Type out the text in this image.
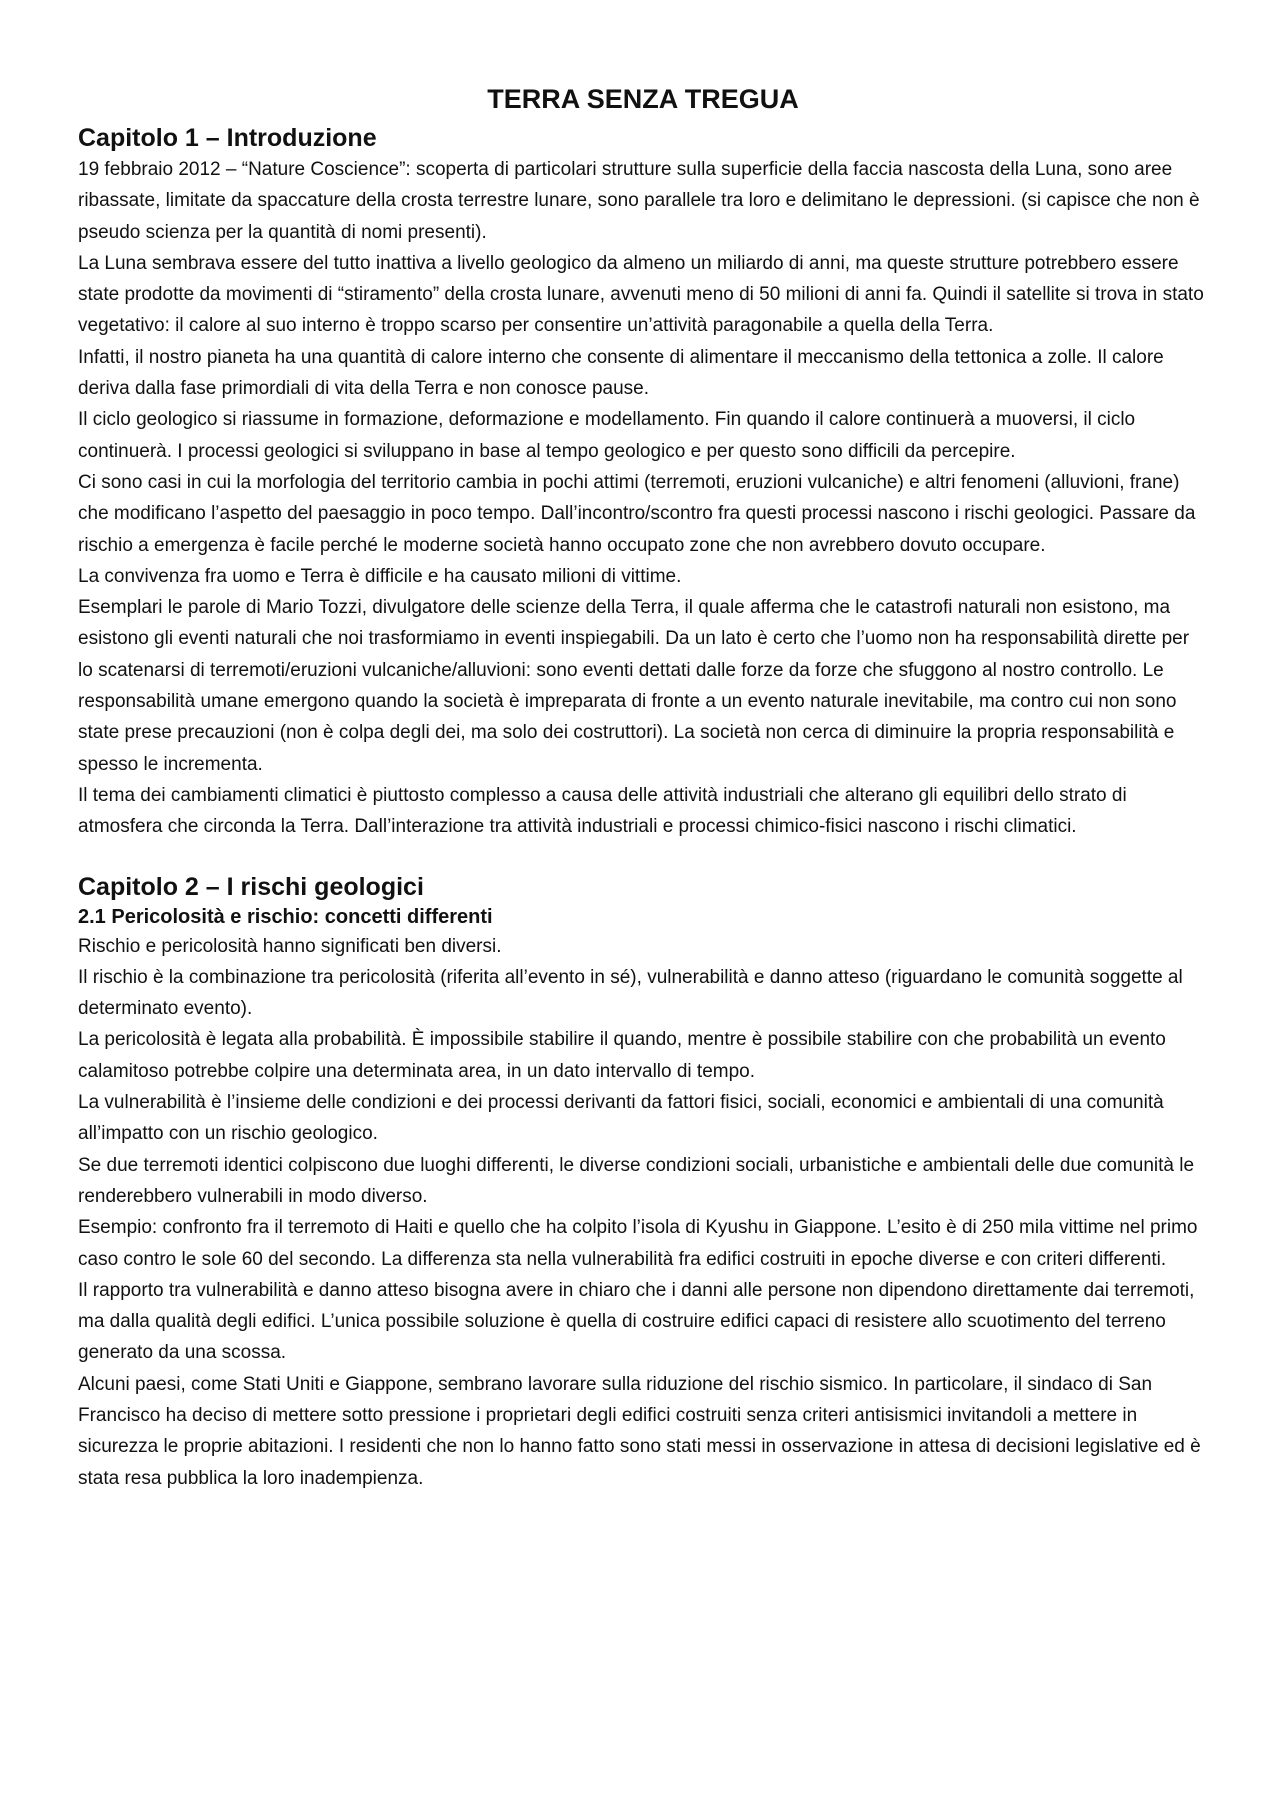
TERRA SENZA TREGUA
Capitolo 1 – Introduzione

19 febbraio 2012 – “Nature Coscience”: scoperta di particolari strutture sulla superficie della faccia nascosta della Luna, sono aree ribassate, limitate da spaccature della crosta terrestre lunare, sono parallele tra loro e delimitano le depressioni. (si capisce che non è pseudo scienza per la quantità di nomi presenti).

La Luna sembrava essere del tutto inattiva a livello geologico da almeno un miliardo di anni, ma queste strutture potrebbero essere state prodotte da movimenti di “stiramento” della crosta lunare, avvenuti meno di 50 milioni di anni fa. Quindi il satellite si trova in stato vegetativo: il calore al suo interno è troppo scarso per consentire un’attività paragonabile a quella della Terra.

Infatti, il nostro pianeta ha una quantità di calore interno che consente di alimentare il meccanismo della tettonica a zolle. Il calore deriva dalla fase primordiali di vita della Terra e non conosce pause.

Il ciclo geologico si riassume in formazione, deformazione e modellamento. Fin quando il calore continuerà a muoversi, il ciclo continuerà. I processi geologici si sviluppano in base al tempo geologico e per questo sono difficili da percepire.

Ci sono casi in cui la morfologia del territorio cambia in pochi attimi (terremoti, eruzioni vulcaniche) e altri fenomeni (alluvioni, frane) che modificano l’aspetto del paesaggio in poco tempo. Dall’incontro/scontro fra questi processi nascono i rischi geologici. Passare da rischio a emergenza è facile perché le moderne società hanno occupato zone che non avrebbero dovuto occupare.

La convivenza fra uomo e Terra è difficile e ha causato milioni di vittime.

Esemplari le parole di Mario Tozzi, divulgatore delle scienze della Terra, il quale afferma che le catastrofi naturali non esistono, ma esistono gli eventi naturali che noi trasformiamo in eventi inspiegabili. Da un lato è certo che l’uomo non ha responsabilità dirette per lo scatenarsi di terremoti/eruzioni vulcaniche/alluvioni: sono eventi dettati dalle forze da forze che sfuggono al nostro controllo. Le responsabilità umane emergono quando la società è impreparata di fronte a un evento naturale inevitabile, ma contro cui non sono state prese precauzioni (non è colpa degli dei, ma solo dei costruttori). La società non cerca di diminuire la propria responsabilità e spesso le incrementa.

Il tema dei cambiamenti climatici è piuttosto complesso a causa delle attività industriali che alterano gli equilibri dello strato di atmosfera che circonda la Terra. Dall’interazione tra attività industriali e processi chimico-fisici nascono i rischi climatici.

Capitolo 2 – I rischi geologici
2.1 Pericolosità e rischio: concetti differenti

Rischio e pericolosità hanno significati ben diversi.

Il rischio è la combinazione tra pericolosità (riferita all’evento in sé), vulnerabilità e danno atteso (riguardano le comunità soggette al determinato evento).

La pericolosità è legata alla probabilità. È impossibile stabilire il quando, mentre è possibile stabilire con che probabilità un evento calamitoso potrebbe colpire una determinata area, in un dato intervallo di tempo.

La vulnerabilità è l’insieme delle condizioni e dei processi derivanti da fattori fisici, sociali, economici e ambientali di una comunità all’impatto con un rischio geologico.

Se due terremoti identici colpiscono due luoghi differenti, le diverse condizioni sociali, urbanistiche e ambientali delle due comunità le renderebbero vulnerabili in modo diverso.

Esempio: confronto fra il terremoto di Haiti e quello che ha colpito l’isola di Kyushu in Giappone. L’esito è di 250 mila vittime nel primo caso contro le sole 60 del secondo. La differenza sta nella vulnerabilità fra edifici costruiti in epoche diverse e con criteri differenti.

Il rapporto tra vulnerabilità e danno atteso bisogna avere in chiaro che i danni alle persone non dipendono direttamente dai terremoti, ma dalla qualità degli edifici. L’unica possibile soluzione è quella di costruire edifici capaci di resistere allo scuotimento del terreno generato da una scossa.

Alcuni paesi, come Stati Uniti e Giappone, sembrano lavorare sulla riduzione del rischio sismico. In particolare, il sindaco di San Francisco ha deciso di mettere sotto pressione i proprietari degli edifici costruiti senza criteri antisismici invitandoli a mettere in sicurezza le proprie abitazioni. I residenti che non lo hanno fatto sono stati messi in osservazione in attesa di decisioni legislative ed è stata resa pubblica la loro inadempienza.
